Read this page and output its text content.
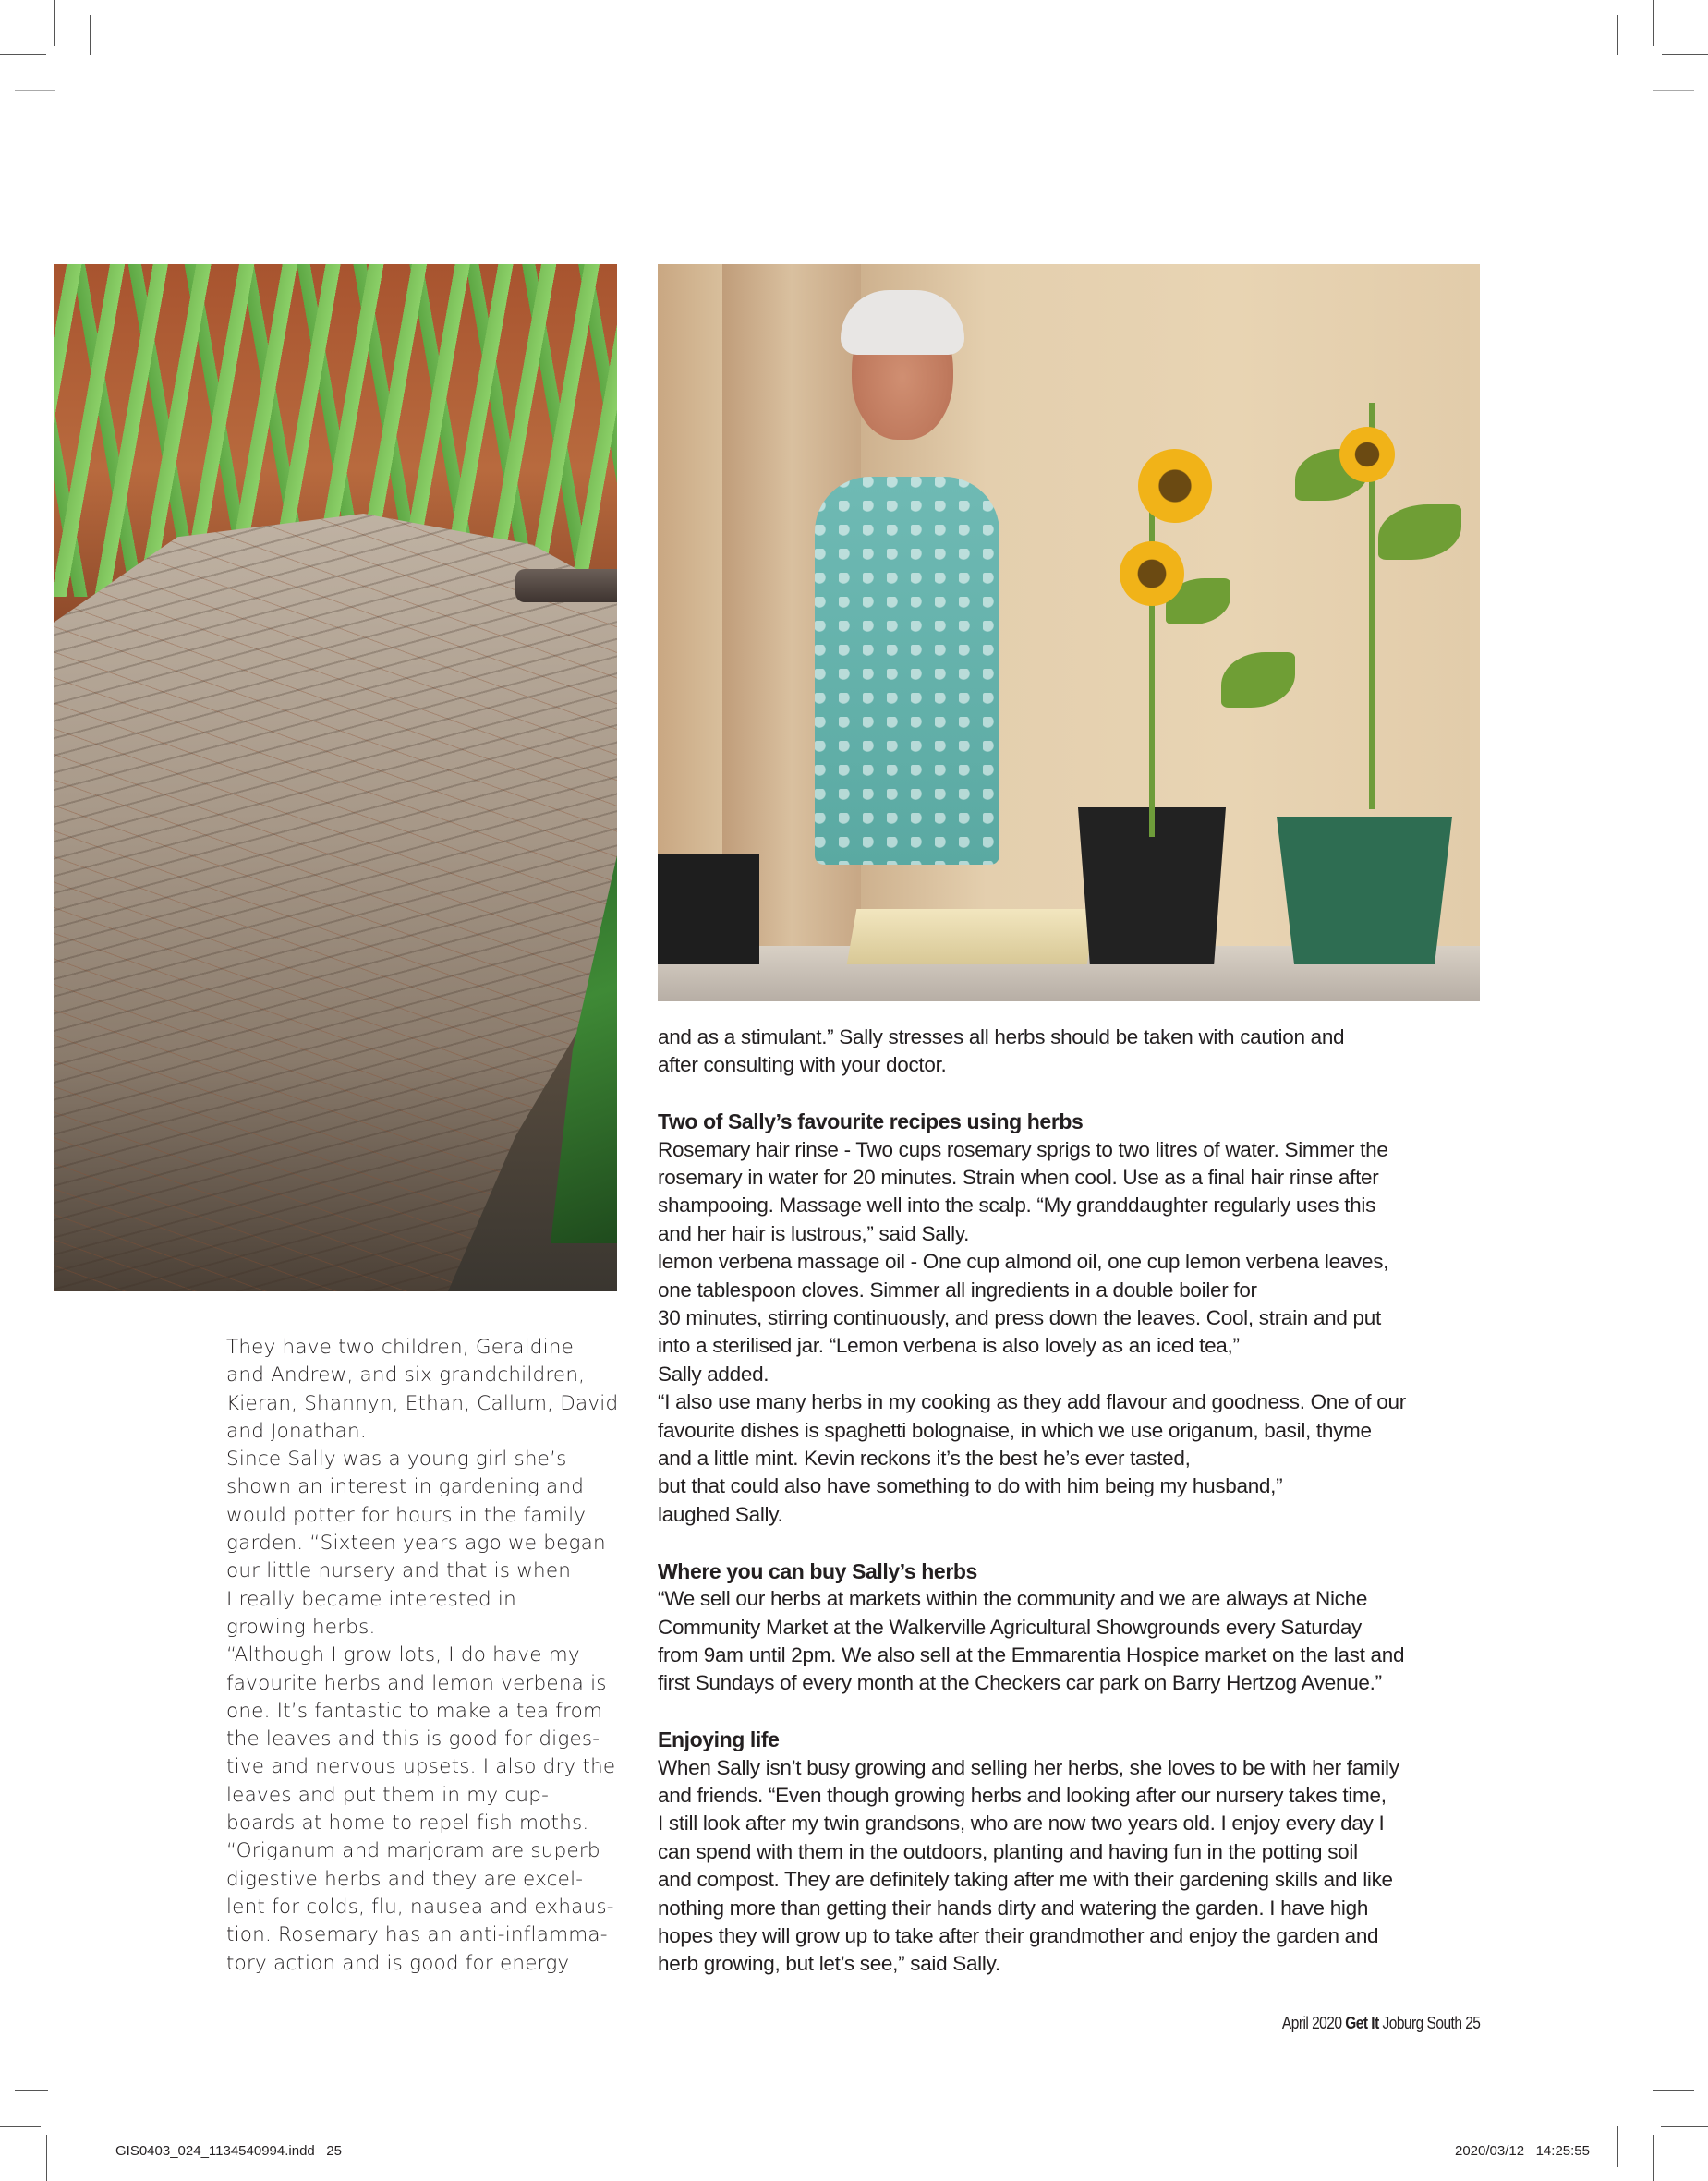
They have two children, Geraldine
and Andrew, and six grandchildren,
Kieran, Shannyn, Ethan, Callum, David
and Jonathan.
Since Sally was a young girl she’s
shown an interest in gardening and
would potter for hours in the family
garden. “Sixteen years ago we began
our little nursery and that is when
I really became interested in
growing herbs.
“Although I grow lots, I do have my
favourite herbs and lemon verbena is
one. It’s fantastic to make a tea from
the leaves and this is good for diges-
tive and nervous upsets. I also dry the
leaves and put them in my cup-
boards at home to repel fish moths.
“Origanum and marjoram are superb
digestive herbs and they are excel-
lent for colds, flu, nausea and exhaus-
tion. Rosemary has an anti-inflamma-
tory action and is good for energy
and as a stimulant.” Sally stresses all herbs should be taken with caution and
after consulting with your doctor.
Two of Sally’s favourite recipes using herbs
Rosemary hair rinse - Two cups rosemary sprigs to two litres of water. Simmer the
rosemary in water for 20 minutes. Strain when cool. Use as a final hair rinse after
shampooing. Massage well into the scalp. “My granddaughter regularly uses this
and her hair is lustrous,” said Sally.
lemon verbena massage oil - One cup almond oil, one cup lemon verbena leaves,
one tablespoon cloves. Simmer all ingredients in a double boiler for
30 minutes, stirring continuously, and press down the leaves. Cool, strain and put
into a sterilised jar. “Lemon verbena is also lovely as an iced tea,”
Sally added.
“I also use many herbs in my cooking as they add flavour and goodness. One of our
favourite dishes is spaghetti bolognaise, in which we use origanum, basil, thyme
and a little mint. Kevin reckons it’s the best he’s ever tasted,
but that could also have something to do with him being my husband,”
laughed Sally.
Where you can buy Sally’s herbs
“We sell our herbs at markets within the community and we are always at Niche
Community Market at the Walkerville Agricultural Showgrounds every Saturday
from 9am until 2pm. We also sell at the Emmarentia Hospice market on the last and
first Sundays of every month at the Checkers car park on Barry Hertzog Avenue.”
Enjoying life
When Sally isn’t busy growing and selling her herbs, she loves to be with her family
and friends. “Even though growing herbs and looking after our nursery takes time,
I still look after my twin grandsons, who are now two years old. I enjoy every day I
can spend with them in the outdoors, planting and having fun in the potting soil
and compost. They are definitely taking after me with their gardening skills and like
nothing more than getting their hands dirty and watering the garden. I have high
hopes they will grow up to take after their grandmother and enjoy the garden and
herb growing, but let’s see,” said Sally.
April 2020 Get It Joburg South 25
GIS0403_024_1134540994.indd 25	2020/03/12 14:25:55
